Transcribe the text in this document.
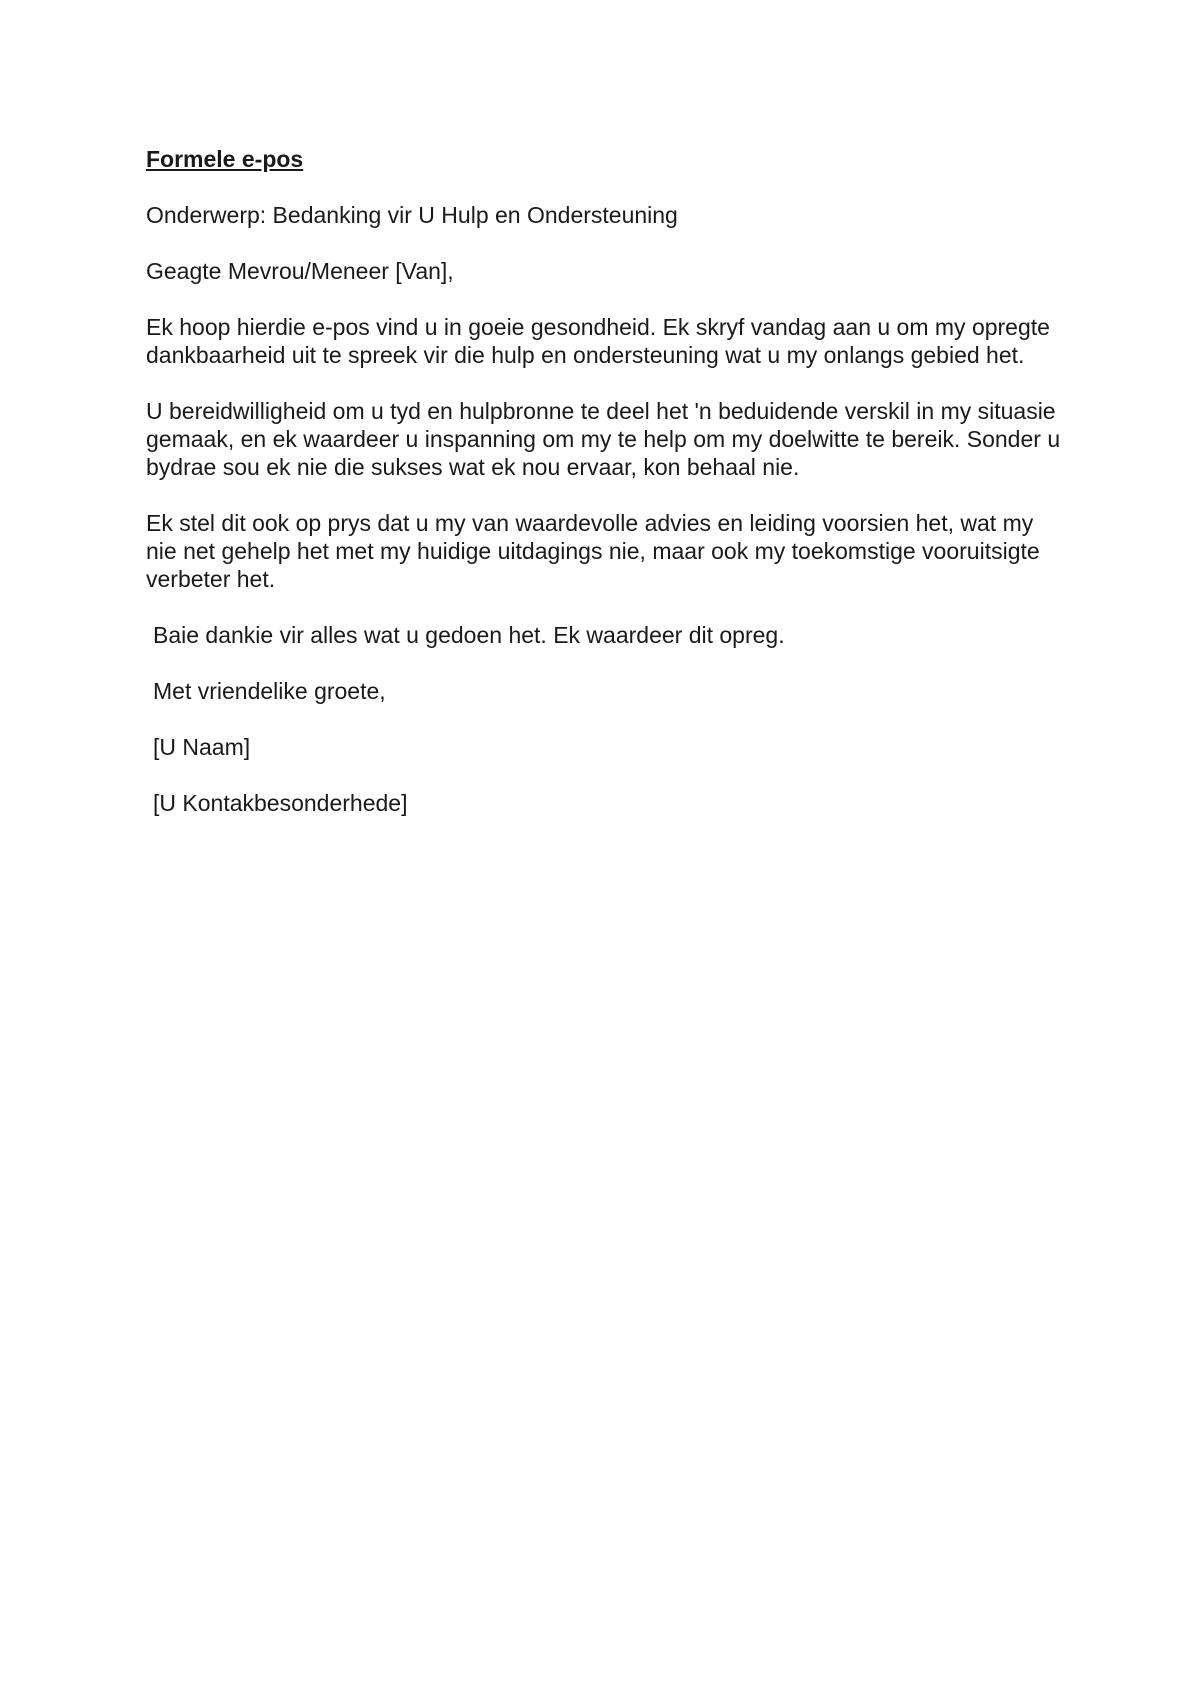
Formele e-pos
Onderwerp: Bedanking vir U Hulp en Ondersteuning
Geagte Mevrou/Meneer [Van],
Ek hoop hierdie e-pos vind u in goeie gesondheid. Ek skryf vandag aan u om my opregte dankbaarheid uit te spreek vir die hulp en ondersteuning wat u my onlangs gebied het.
U bereidwilligheid om u tyd en hulpbronne te deel het 'n beduidende verskil in my situasie gemaak, en ek waardeer u inspanning om my te help om my doelwitte te bereik. Sonder u bydrae sou ek nie die sukses wat ek nou ervaar, kon behaal nie.
Ek stel dit ook op prys dat u my van waardevolle advies en leiding voorsien het, wat my nie net gehelp het met my huidige uitdagings nie, maar ook my toekomstige vooruitsigte verbeter het.
Baie dankie vir alles wat u gedoen het. Ek waardeer dit opreg.
Met vriendelike groete,
[U Naam]
[U Kontakbesonderhede]
